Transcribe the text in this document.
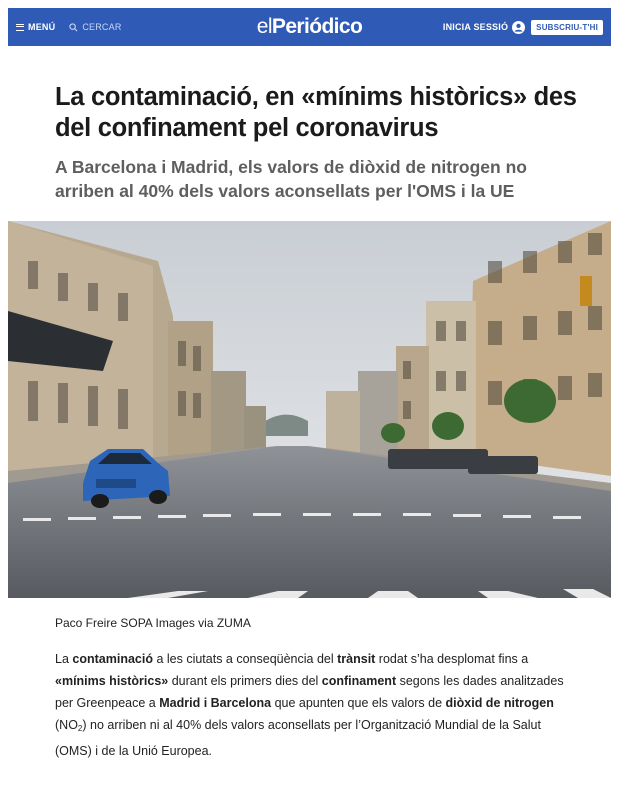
MENÚ	CERCAR	elPeriódico	INICIA SESSIÓ	SUBSCRIU-T'HI
La contaminació, en «mínims històrics» des del confinament pel coronavirus
A Barcelona i Madrid, els valors de diòxid de nitrogen no arriben al 40% dels valors aconsellats per l'OMS i la UE

Paco Freire SOPA Images via ZUMA

La contaminació a les ciutats a conseqüència del trànsit rodat s’ha desplomat fins a «mínims històrics» durant els primers dies del confinament segons les dades analitzades per Greenpeace a Madrid i Barcelona que apunten que els valors de diòxid de nitrogen $(NO_2)$ no arriben ni al 40% dels valors aconsellats per l’Organització Mundial de la Salut (OMS) i de la Unió Europea.
